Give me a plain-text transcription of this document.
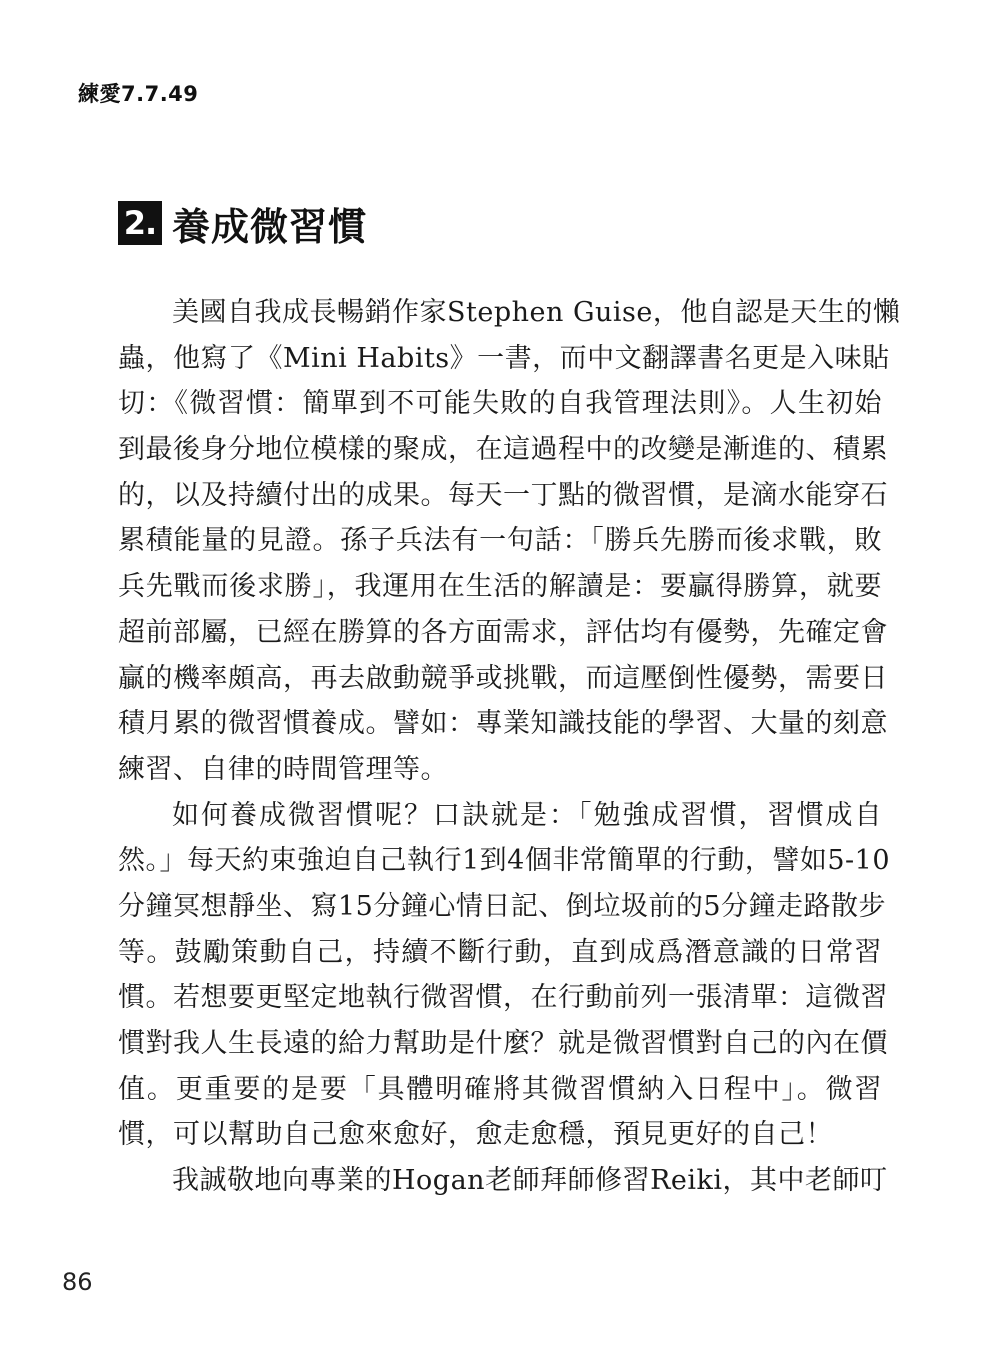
練愛7.7.49
2. 養成微習慣
美國自我成長暢銷作家Stephen Guise，他自認是天生的懶
蟲，他寫了《Mini Habits》一書，而中文翻譯書名更是入味貼
切：《微習慣：簡單到不可能失敗的自我管理法則》。人生初始
到最後身分地位模樣的聚成，在這過程中的改變是漸進的、積累
的，以及持續付出的成果。每天一丁點的微習慣，是滴水能穿石
累積能量的見證。孫子兵法有一句話：「勝兵先勝而後求戰，敗
兵先戰而後求勝」，我運用在生活的解讀是：要贏得勝算，就要
超前部屬，已經在勝算的各方面需求，評估均有優勢，先確定會
贏的機率頗高，再去啟動競爭或挑戰，而這壓倒性優勢，需要日
積月累的微習慣養成。譬如：專業知識技能的學習、大量的刻意
練習、自律的時間管理等。
如何養成微習慣呢？口訣就是：「勉強成習慣，習慣成自
然。」每天約束強迫自己執行1到4個非常簡單的行動，譬如5-10
分鐘冥想靜坐、寫15分鐘心情日記、倒垃圾前的5分鐘走路散步
等。鼓勵策動自己，持續不斷行動，直到成爲潛意識的日常習
慣。若想要更堅定地執行微習慣，在行動前列一張清單：這微習
慣對我人生長遠的給力幫助是什麼？就是微習慣對自己的內在價
值。更重要的是要「具體明確將其微習慣納入日程中」。微習
慣，可以幫助自己愈來愈好，愈走愈穩，預見更好的自己！
我誠敬地向專業的Hogan老師拜師修習Reiki，其中老師叮
86
